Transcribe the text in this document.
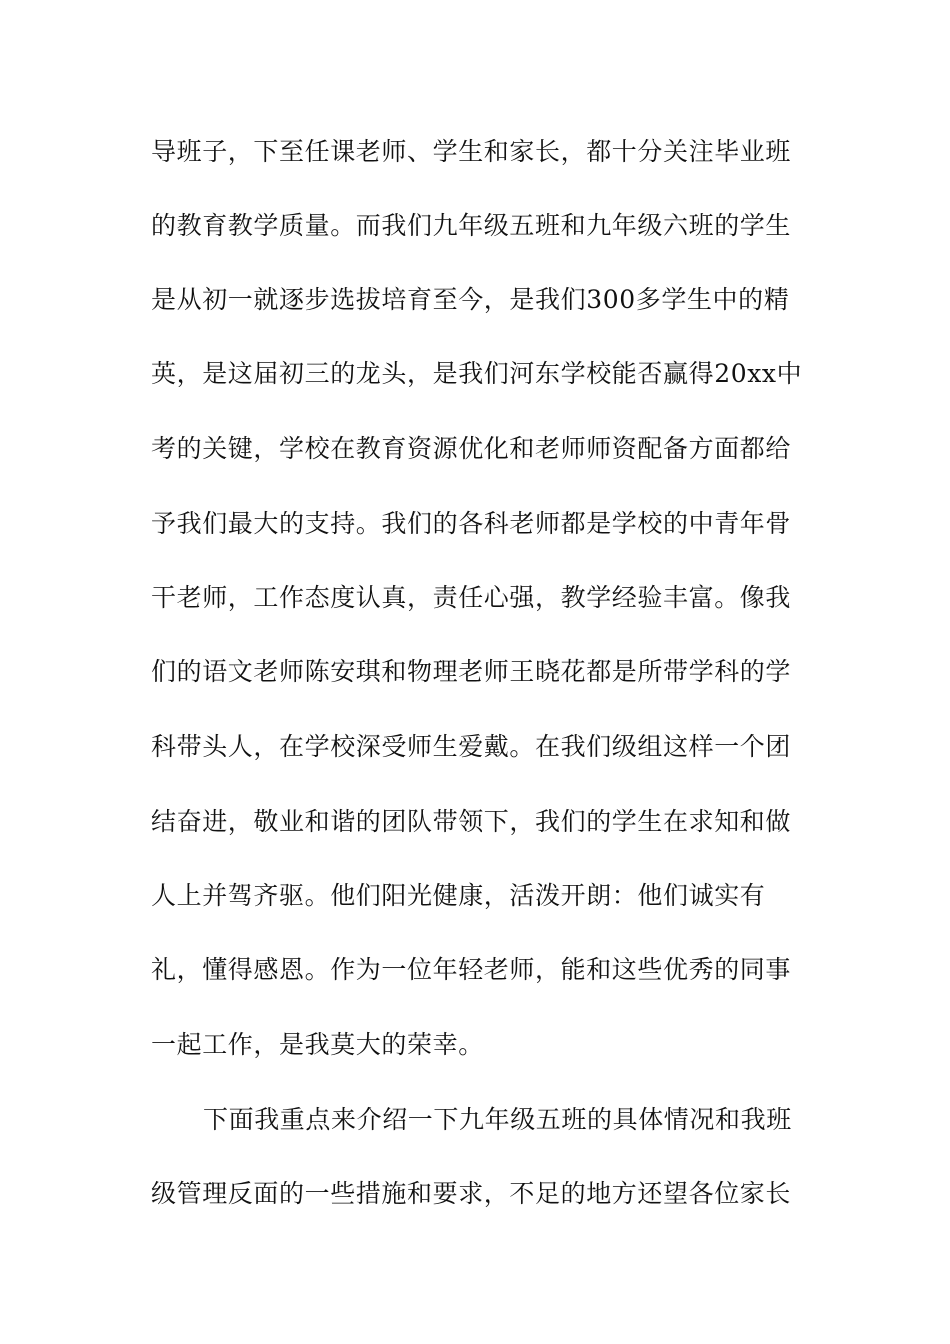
导班子，下至任课老师、学生和家长，都十分关注毕业班
的教育教学质量。而我们九年级五班和九年级六班的学生
是从初一就逐步选拔培育至今，是我们300多学生中的精
英，是这届初三的龙头，是我们河东学校能否赢得20xx中
考的关键，学校在教育资源优化和老师师资配备方面都给
予我们最大的支持。我们的各科老师都是学校的中青年骨
干老师，工作态度认真，责任心强，教学经验丰富。像我
们的语文老师陈安琪和物理老师王晓花都是所带学科的学
科带头人，在学校深受师生爱戴。在我们级组这样一个团
结奋进，敬业和谐的团队带领下，我们的学生在求知和做
人上并驾齐驱。他们阳光健康，活泼开朗：他们诚实有
礼，懂得感恩。作为一位年轻老师，能和这些优秀的同事
一起工作，是我莫大的荣幸。
下面我重点来介绍一下九年级五班的具体情况和我班
级管理反面的一些措施和要求，不足的地方还望各位家长
